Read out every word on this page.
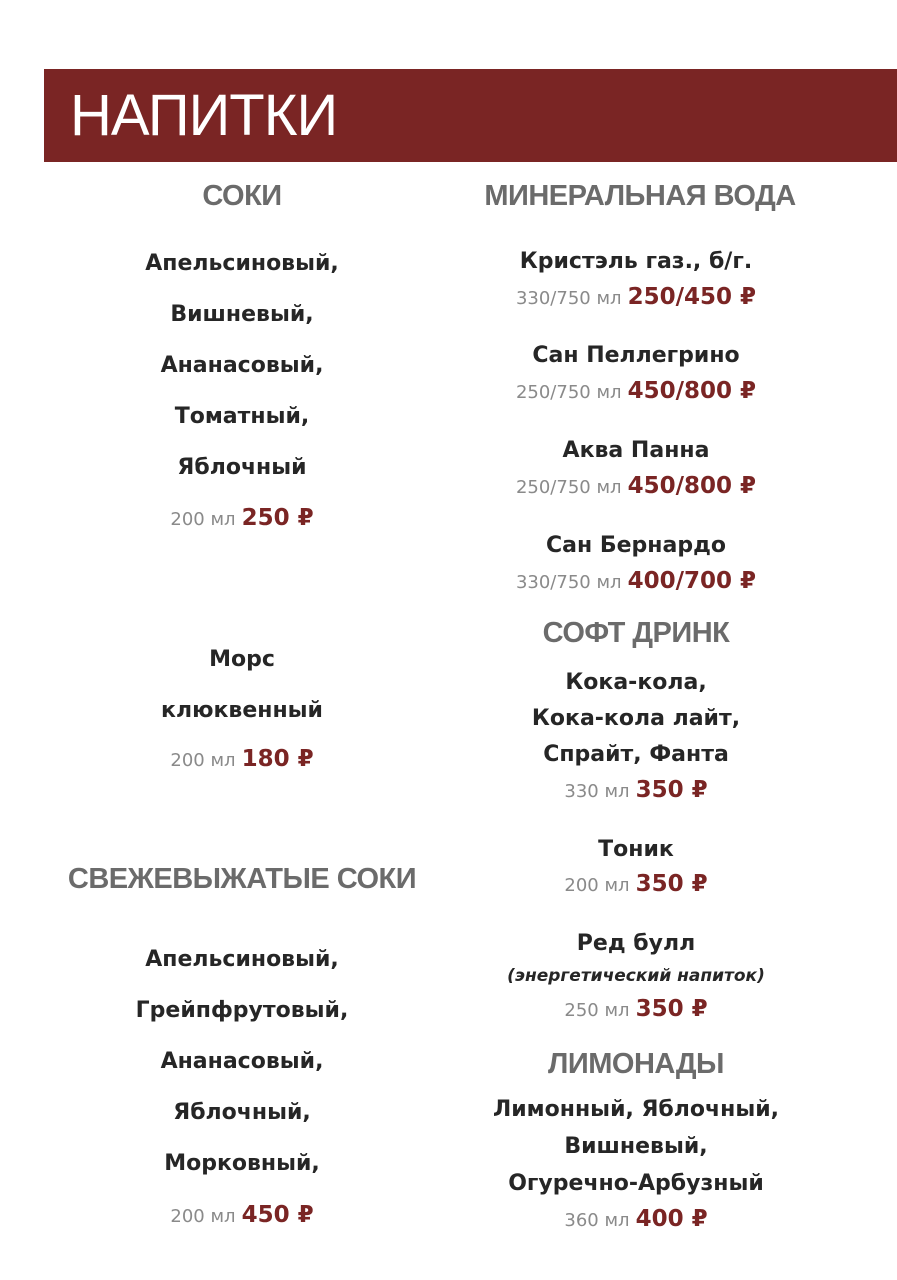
НАПИТКИ
СОКИ
Апельсиновый,
Вишневый,
Ананасовый,
Томатный,
Яблочный
200 мл 250 ₽
Морс
клюквенный
200 мл 180 ₽
СВЕЖЕВЫЖАТЫЕ СОКИ
Апельсиновый,
Грейпфрутовый,
Ананасовый,
Яблочный,
Морковный,
200 мл 450 ₽
МИНЕРАЛЬНАЯ ВОДА
Кристэль газ., б/г.
330/750 мл 250/450 ₽
Сан Пеллегрино
250/750 мл 450/800 ₽
Аква Панна
250/750 мл 450/800 ₽
Сан Бернардо
330/750 мл 400/700 ₽
СОФТ ДРИНК
Кока-кола,
Кока-кола лайт,
Спрайт, Фанта
330 мл 350 ₽
Тоник
200 мл 350 ₽
Ред булл
(энергетический напиток)
250 мл 350 ₽
ЛИМОНАДЫ
Лимонный, Яблочный,
Вишневый,
Огуречно-Арбузный
360 мл 400 ₽
